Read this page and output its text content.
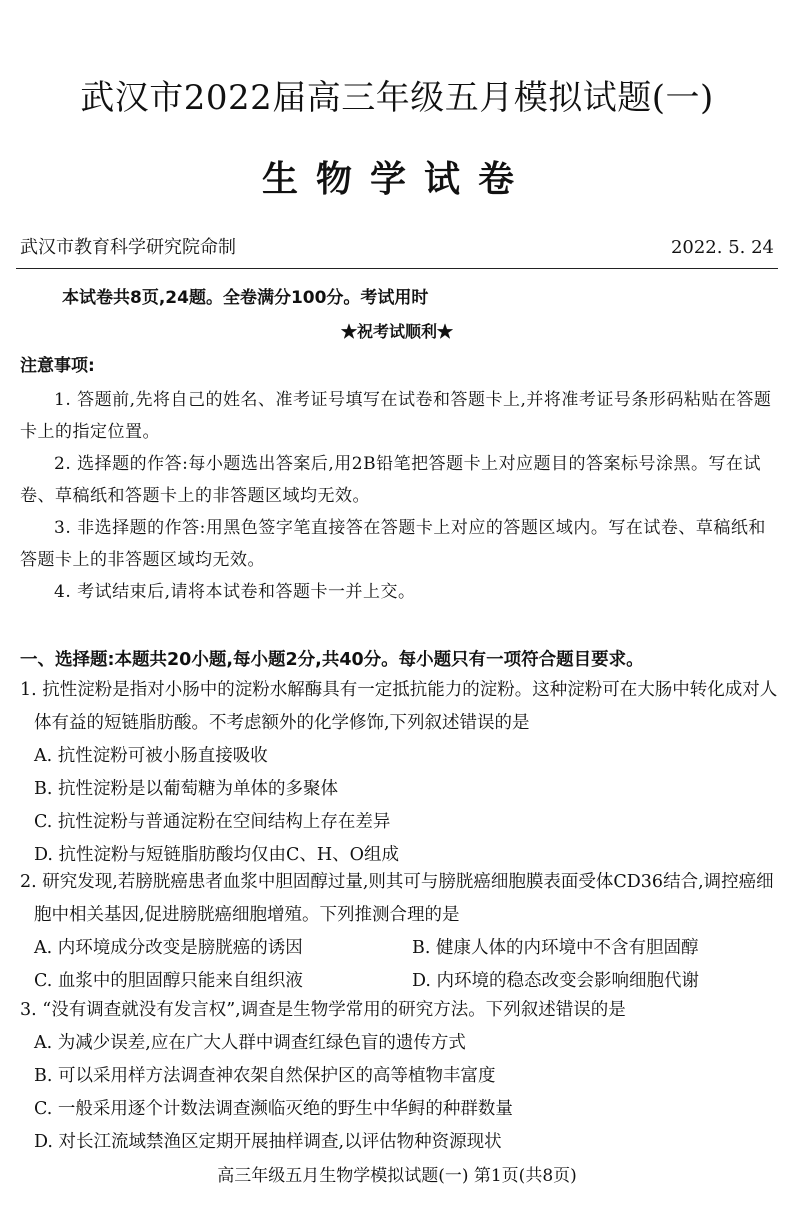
武汉市2022届高三年级五月模拟试题(一)
生物学试卷
武汉市教育科学研究院命制	2022. 5. 24
本试卷共8页,24题。全卷满分100分。考试用时
★祝考试顺利★
注意事项:

1. 答题前,先将自己的姓名、准考证号填写在试卷和答题卡上,并将准考证号条形码粘贴在答题卡上的指定位置。

2. 选择题的作答:每小题选出答案后,用2B铅笔把答题卡上对应题目的答案标号涂黑。写在试卷、草稿纸和答题卡上的非答题区域均无效。

3. 非选择题的作答:用黑色签字笔直接答在答题卡上对应的答题区域内。写在试卷、草稿纸和答题卡上的非答题区域均无效。

4. 考试结束后,请将本试卷和答题卡一并上交。

一、选择题:本题共20小题,每小题2分,共40分。每小题只有一项符合题目要求。

1. 抗性淀粉是指对小肠中的淀粉水解酶具有一定抵抗能力的淀粉。这种淀粉可在大肠中转化成对人体有益的短链脂肪酸。不考虑额外的化学修饰,下列叙述错误的是

A. 抗性淀粉可被小肠直接吸收

B. 抗性淀粉是以葡萄糖为单体的多聚体

C. 抗性淀粉与普通淀粉在空间结构上存在差异

D. 抗性淀粉与短链脂肪酸均仅由C、H、O组成

2. 研究发现,若膀胱癌患者血浆中胆固醇过量,则其可与膀胱癌细胞膜表面受体CD36结合,调控癌细胞中相关基因,促进膀胱癌细胞增殖。下列推测合理的是

A. 内环境成分改变是膀胱癌的诱因	B. 健康人体的内环境中不含有胆固醇
C. 血浆中的胆固醇只能来自组织液	D. 内环境的稳态改变会影响细胞代谢

3. “没有调查就没有发言权”,调查是生物学常用的研究方法。下列叙述错误的是

A. 为减少误差,应在广大人群中调查红绿色盲的遗传方式

B. 可以采用样方法调查神农架自然保护区的高等植物丰富度

C. 一般采用逐个计数法调查濒临灭绝的野生中华鲟的种群数量

D. 对长江流域禁渔区定期开展抽样调查,以评估物种资源现状

高三年级五月生物学模拟试题(一) 第1页(共8页)
